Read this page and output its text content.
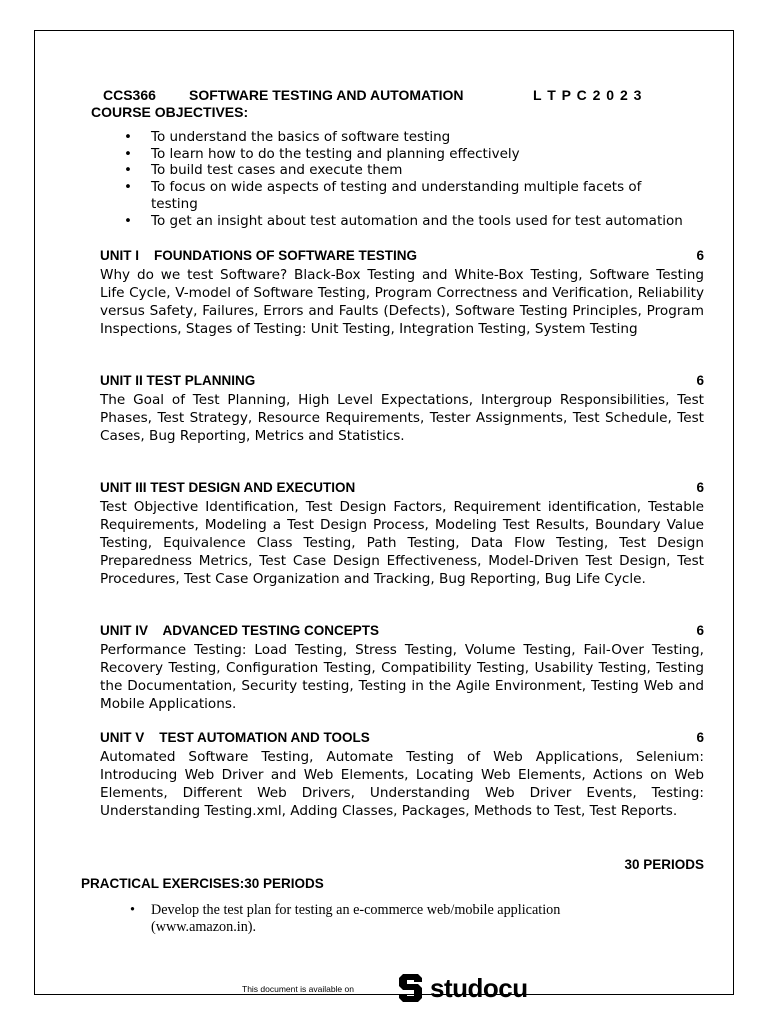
CCS366 SOFTWARE TESTING AND AUTOMATION	L T P C 2 0 2 3
COURSE OBJECTIVES:
• To understand the basics of software testing
• To learn how to do the testing and planning effectively
• To build test cases and execute them
• To focus on wide aspects of testing and understanding multiple facets of testing
• To get an insight about test automation and the tools used for test automation
UNIT I    FOUNDATIONS OF SOFTWARE TESTING	6

Why do we test Software? Black-Box Testing and White-Box Testing, Software Testing Life Cycle, V-model of Software Testing, Program Correctness and Verification, Reliability versus Safety, Failures, Errors and Faults (Defects), Software Testing Principles, Program Inspections, Stages of Testing: Unit Testing, Integration Testing, System Testing

UNIT II TEST PLANNING	6

The Goal of Test Planning, High Level Expectations, Intergroup Responsibilities, Test Phases, Test Strategy, Resource Requirements, Tester Assignments, Test Schedule, Test Cases, Bug Reporting, Metrics and Statistics.

UNIT III TEST DESIGN AND EXECUTION	6

Test Objective Identification, Test Design Factors, Requirement identification, Testable Requirements, Modeling a Test Design Process, Modeling Test Results, Boundary Value Testing, Equivalence Class Testing, Path Testing, Data Flow Testing, Test Design Preparedness Metrics, Test Case Design Effectiveness, Model-Driven Test Design, Test Procedures, Test Case Organization and Tracking, Bug Reporting, Bug Life Cycle.

UNIT IV    ADVANCED TESTING CONCEPTS	6

Performance Testing: Load Testing, Stress Testing, Volume Testing, Fail-Over Testing, Recovery Testing, Configuration Testing, Compatibility Testing, Usability Testing, Testing the Documentation, Security testing, Testing in the Agile Environment, Testing Web and Mobile Applications.

UNIT V    TEST AUTOMATION AND TOOLS	6

Automated Software Testing, Automate Testing of Web Applications, Selenium: Introducing Web Driver and Web Elements, Locating Web Elements, Actions on Web Elements, Different Web Drivers, Understanding Web Driver Events, Testing: Understanding Testing.xml, Adding Classes, Packages, Methods to Test, Test Reports.

30 PERIODS
PRACTICAL EXERCISES:30 PERIODS
• Develop the test plan for testing an e-commerce web/mobile application (www.amazon.in).
This document is available on	studocu
